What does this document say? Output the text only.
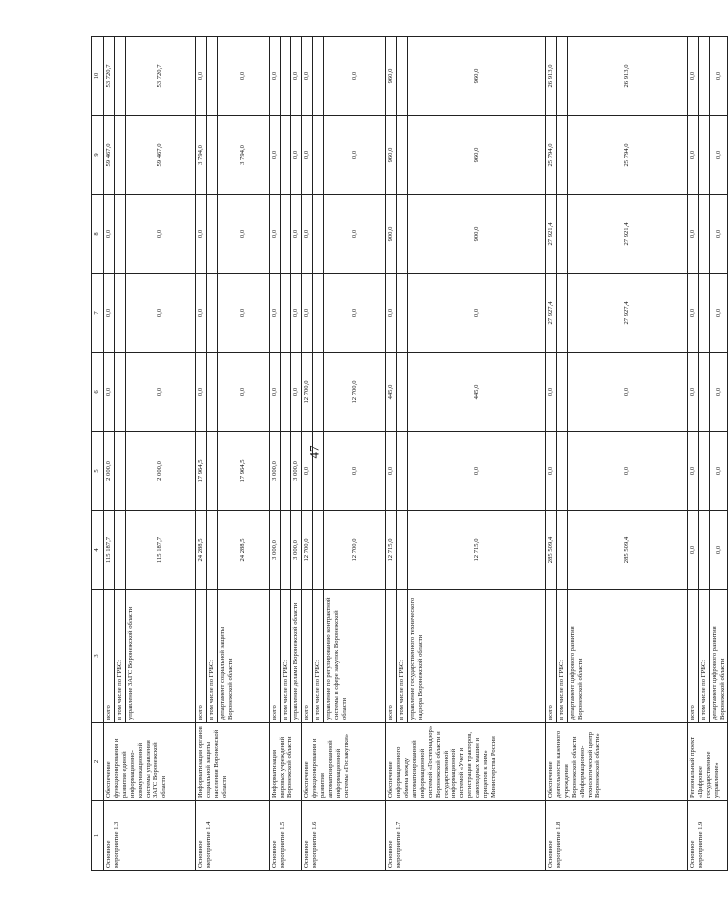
47
1	2	3	4	5	6	7	8	9	10
Основное мероприятие 1.3	Обеспечение функционирования и развития единой информационно-коммуникационной системы управления ЗАГС Воронежской области	всего	115 187,7	2 000,0	0,0	0,0	0,0	59 467,0	53 720,7
		в том числе по ГРБС:							
		управление ЗАГС Воронежской области	115 187,7	2 000,0	0,0	0,0	0,0	59 467,0	53 720,7
Основное мероприятие 1.4	Информатизация органов социальной защиты населения Воронежской области	всего	24 288,5	17 964,5	0,0	0,0	0,0	3 794,0	0,0
		в том числе по ГРБС:							
		департамент социальной защиты Воронежской области	24 288,5	17 964,5	0,0	0,0	0,0	3 794,0	0,0
Основное мероприятие 1.5	Информатизация мировых учреждений Воронежской области	всего	3 000,0	3 000,0	0,0	0,0	0,0	0,0	0,0
		в том числе по ГРБС:							
		управление делами Воронежской области	3 000,0	3 000,0	0,0	0,0	0,0	0,0	0,0
Основное мероприятие 1.6	Обеспечение функционирования и развития автоматизированной информационной системы «Госзакупки»	всего	12 700,0	0,0	12 700,0	0,0	0,0	0,0	0,0
		в том числе по ГРБС:							
		управление по регулированию контрактной системы в сфере закупок Воронежской области	12 700,0	0,0	12 700,0	0,0	0,0	0,0	0,0
Основное мероприятие 1.7	Обеспечение информационного обмена между автоматизированной информационной системой «Гостехнадзор» Воронежской области и государственной информационной системой «Учет и регистрация тракторов, самоходных машин и прицепов к ним» Министерства России	всего	12 715,0	0,0	445,0	0,0	900,0	960,0	960,0
		в том числе по ГРБС:							
		управление государственного технического надзора Воронежской области	12 715,0	0,0	445,0	0,0	900,0	960,0	960,0
Основное мероприятие 1.8	Обеспечение деятельности казенного учреждения Воронежской области «Информационно-технологический центр Воронежской области»	всего	285 509,4	0,0	0,0	27 927,4	27 921,4	25 794,0	26 913,0
		в том числе по ГРБС:							
		департамент цифрового развития Воронежской области	285 509,4	0,0	0,0	27 927,4	27 921,4	25 794,0	26 913,0
Основное мероприятие 1.9	Региональный проект «Цифровое государственное управление»	всего	0,0	0,0	0,0	0,0	0,0	0,0	0,0
		в том числе по ГРБС:							
		департамент цифрового развития Воронежской области	0,0	0,0	0,0	0,0	0,0	0,0	0,0
